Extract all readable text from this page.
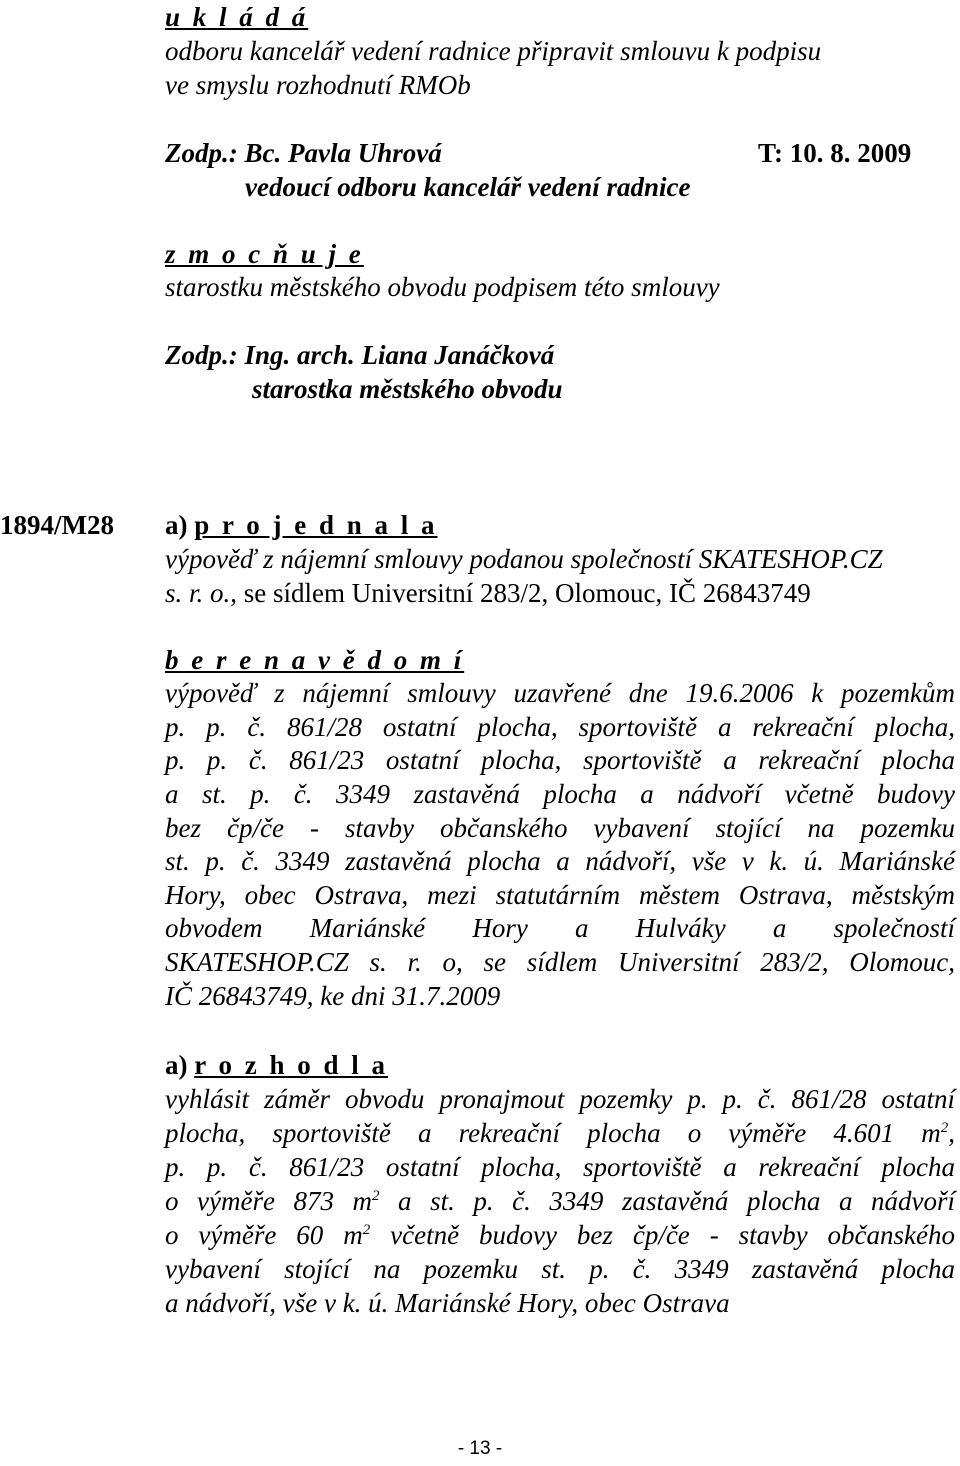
u k l á d á
odboru kancelář vedení radnice připravit smlouvu k podpisu
ve smyslu rozhodnutí RMOb
Zodp.: Bc. Pavla Uhrová	T: 10. 8. 2009
vedoucí odboru kancelář vedení radnice
z m o c ň u j e
starostku městského obvodu podpisem této smlouvy
Zodp.: Ing. arch. Liana Janáčková
starostka městského obvodu
1894/M28 a) p r o j e d n a l a
výpověď z nájemní smlouvy podanou společností SKATESHOP.CZ
s. r. o., se sídlem Universitní 283/2, Olomouc, IČ 26843749
b e r e n a v ě d o m í
výpověď z nájemní smlouvy uzavřené dne 19.6.2006 k pozemkům
p. p. č. 861/28 ostatní plocha, sportoviště a rekreační plocha,
p. p. č. 861/23 ostatní plocha, sportoviště a rekreační plocha
a st. p. č. 3349 zastavěná plocha a nádvoří včetně budovy
bez čp/če - stavby občanského vybavení stojící na pozemku
st. p. č. 3349 zastavěná plocha a nádvoří, vše v k. ú. Mariánské
Hory, obec Ostrava, mezi statutárním městem Ostrava, městským
obvodem Mariánské Hory a Hulváky a společností
SKATESHOP.CZ s. r. o, se sídlem Universitní 283/2, Olomouc,
IČ 26843749, ke dni 31.7.2009
a) r o z h o d l a
vyhlásit záměr obvodu pronajmout pozemky p. p. č. 861/28 ostatní
plocha, sportoviště a rekreační plocha o výměře 4.601 $m^2$,
p. p. č. 861/23 ostatní plocha, sportoviště a rekreační plocha
o výměře 873 $m^2$ a st. p. č. 3349 zastavěná plocha a nádvoří
o výměře 60 $m^2$ včetně budovy bez čp/če - stavby občanského
vybavení stojící na pozemku st. p. č. 3349 zastavěná plocha
a nádvoří, vše v k. ú. Mariánské Hory, obec Ostrava
- 13 -
